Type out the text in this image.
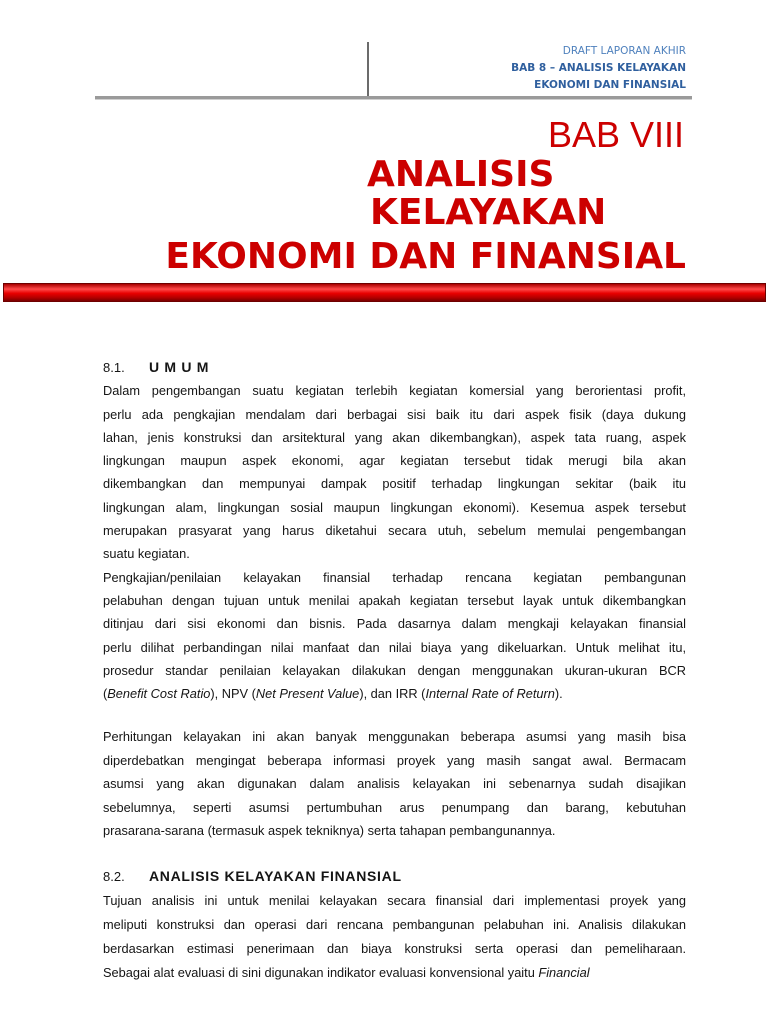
DRAFT LAPORAN AKHIR
BAB 8 – ANALISIS KELAYAKAN
EKONOMI DAN FINANSIAL
BAB VIII
ANALISIS
KELAYAKAN
EKONOMI DAN FINANSIAL
8.1. U M U M
Dalam pengembangan suatu kegiatan terlebih kegiatan komersial yang berorientasi profit,
perlu ada pengkajian mendalam dari berbagai sisi baik itu dari aspek fisik (daya dukung
lahan, jenis konstruksi dan arsitektural yang akan dikembangkan), aspek tata ruang, aspek
lingkungan maupun aspek ekonomi, agar kegiatan tersebut tidak merugi bila akan
dikembangkan dan mempunyai dampak positif terhadap lingkungan sekitar (baik itu
lingkungan alam, lingkungan sosial maupun lingkungan ekonomi). Kesemua aspek tersebut
merupakan prasyarat yang harus diketahui secara utuh, sebelum memulai pengembangan
suatu kegiatan.
Pengkajian/penilaian kelayakan finansial terhadap rencana kegiatan pembangunan
pelabuhan dengan tujuan untuk menilai apakah kegiatan tersebut layak untuk dikembangkan
ditinjau dari sisi ekonomi dan bisnis. Pada dasarnya dalam mengkaji kelayakan finansial
perlu dilihat perbandingan nilai manfaat dan nilai biaya yang dikeluarkan. Untuk melihat itu,
prosedur standar penilaian kelayakan dilakukan dengan menggunakan ukuran-ukuran BCR
(Benefit Cost Ratio), NPV (Net Present Value), dan IRR (Internal Rate of Return).
Perhitungan kelayakan ini akan banyak menggunakan beberapa asumsi yang masih bisa
diperdebatkan mengingat beberapa informasi proyek yang masih sangat awal. Bermacam
asumsi yang akan digunakan dalam analisis kelayakan ini sebenarnya sudah disajikan
sebelumnya, seperti asumsi pertumbuhan arus penumpang dan barang, kebutuhan
prasarana-sarana (termasuk aspek tekniknya) serta tahapan pembangunannya.
8.2. ANALISIS KELAYAKAN FINANSIAL
Tujuan analisis ini untuk menilai kelayakan secara finansial dari implementasi proyek yang
meliputi konstruksi dan operasi dari rencana pembangunan pelabuhan ini. Analisis dilakukan
berdasarkan estimasi penerimaan dan biaya konstruksi serta operasi dan pemeliharaan.
Sebagai alat evaluasi di sini digunakan indikator evaluasi konvensional yaitu Financial
